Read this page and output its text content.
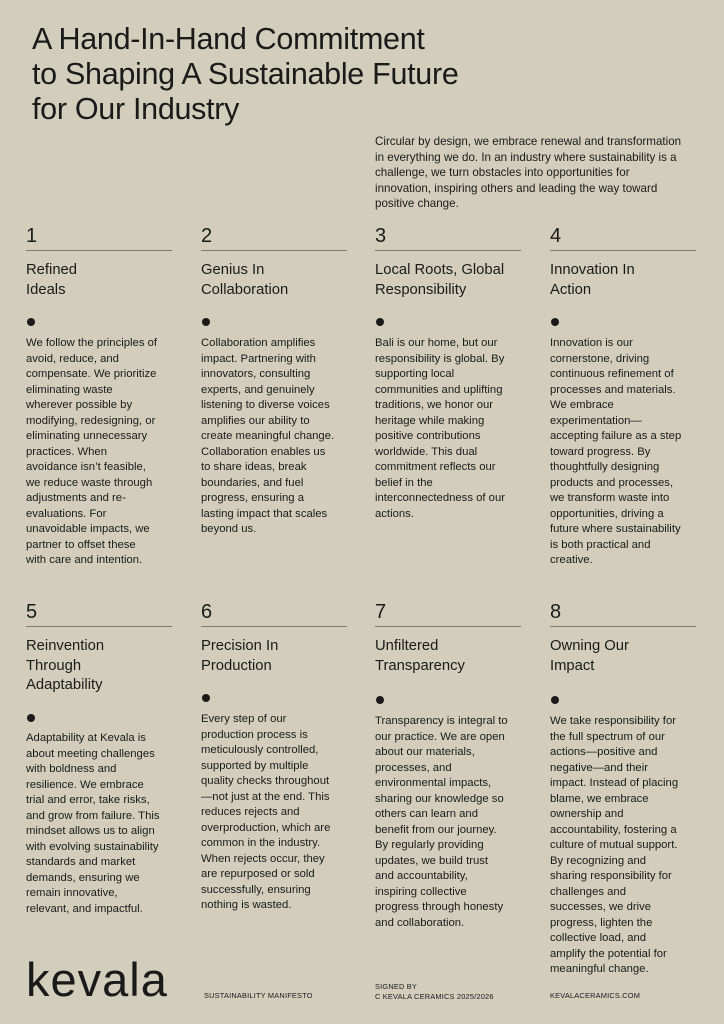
A Hand-In-Hand Commitment
to Shaping A Sustainable Future
for Our Industry

Circular by design, we embrace renewal and transformation
in everything we do. In an industry where sustainability is a
challenge, we turn obstacles into opportunities for
innovation, inspiring others and leading the way toward
positive change.

1
Refined
Ideals
We follow the principles of
avoid, reduce, and
compensate. We prioritize
eliminating waste
wherever possible by
modifying, redesigning, or
eliminating unnecessary
practices. When
avoidance isn’t feasible,
we reduce waste through
adjustments and re-
evaluations. For
unavoidable impacts, we
partner to offset these
with care and intention.
2
Genius In
Collaboration
Collaboration amplifies
impact. Partnering with
innovators, consulting
experts, and genuinely
listening to diverse voices
amplifies our ability to
create meaningful change.
Collaboration enables us
to share ideas, break
boundaries, and fuel
progress, ensuring a
lasting impact that scales
beyond us.
3
Local Roots, Global
Responsibility
Bali is our home, but our
responsibility is global. By
supporting local
communities and uplifting
traditions, we honor our
heritage while making
positive contributions
worldwide. This dual
commitment reflects our
belief in the
interconnectedness of our
actions.
4
Innovation In
Action
Innovation is our
cornerstone, driving
continuous refinement of
processes and materials.
We embrace
experimentation—
accepting failure as a step
toward progress. By
thoughtfully designing
products and processes,
we transform waste into
opportunities, driving a
future where sustainability
is both practical and
creative.
5
Reinvention
Through
Adaptability
Adaptability at Kevala is
about meeting challenges
with boldness and
resilience. We embrace
trial and error, take risks,
and grow from failure. This
mindset allows us to align
with evolving sustainability
standards and market
demands, ensuring we
remain innovative,
relevant, and impactful.
6
Precision In
Production
Every step of our
production process is
meticulously controlled,
supported by multiple
quality checks throughout
—not just at the end. This
reduces rejects and
overproduction, which are
common in the industry.
When rejects occur, they
are repurposed or sold
successfully, ensuring
nothing is wasted.
7
Unfiltered
Transparency
Transparency is integral to
our practice. We are open
about our materials,
processes, and
environmental impacts,
sharing our knowledge so
others can learn and
benefit from our journey.
By regularly providing
updates, we build trust
and accountability,
inspiring collective
progress through honesty
and collaboration.
8
Owning Our
Impact
We take responsibility for
the full spectrum of our
actions—positive and
negative—and their
impact. Instead of placing
blame, we embrace
ownership and
accountability, fostering a
culture of mutual support.
By recognizing and
sharing responsibility for
challenges and
successes, we drive
progress, lighten the
collective load, and
amplify the potential for
meaningful change.
kevala	SUSTAINABILITY MANIFESTO
SIGNED BY
C KEVALA CERAMICS 2025/2026	KEVALACERAMICS.COM
